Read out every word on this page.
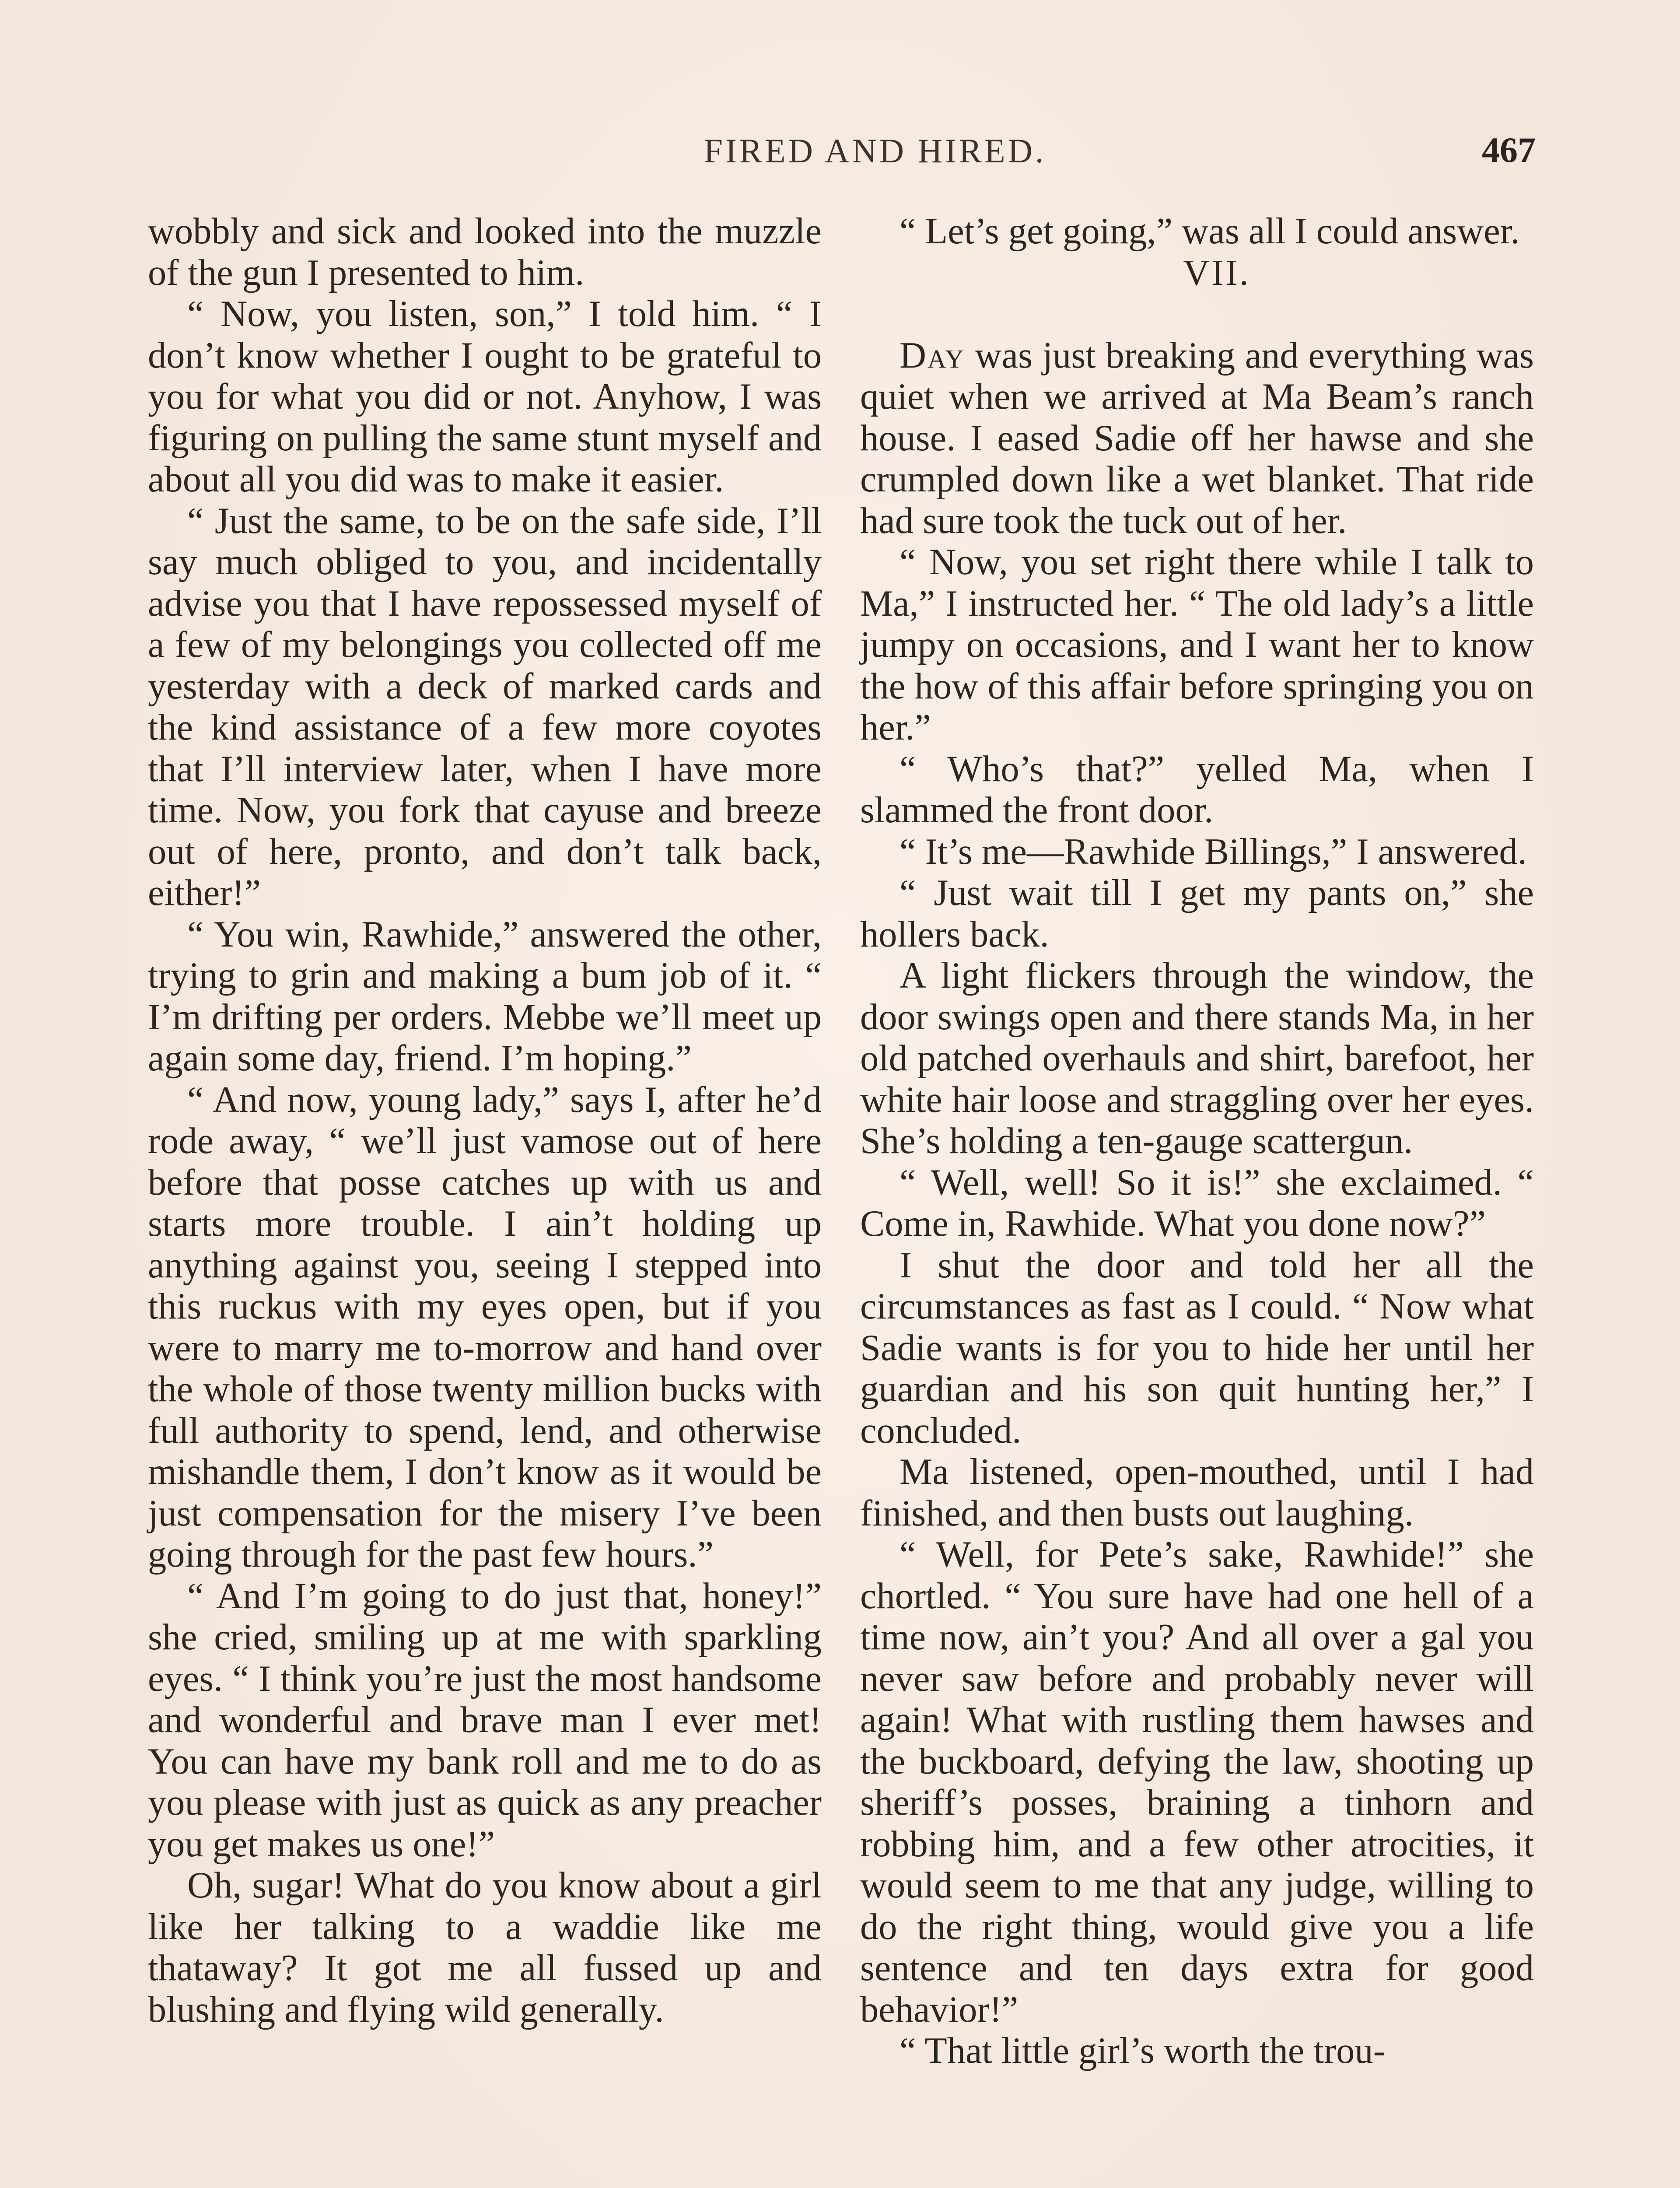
FIRED AND HIRED.	467

wobbly and sick and looked into the muzzle of the gun I presented to him.

“ Now, you listen, son,” I told him. “ I don’t know whether I ought to be grateful to you for what you did or not. Anyhow, I was figuring on pulling the same stunt myself and about all you did was to make it easier.

“ Just the same, to be on the safe side, I’ll say much obliged to you, and incidentally advise you that I have repossessed myself of a few of my belongings you collected off me yesterday with a deck of marked cards and the kind assistance of a few more coyotes that I’ll interview later, when I have more time. Now, you fork that cayuse and breeze out of here, pronto, and don’t talk back, either!”

“ You win, Rawhide,” answered the other, trying to grin and making a bum job of it. “ I’m drifting per orders. Mebbe we’ll meet up again some day, friend. I’m hoping.”

“ And now, young lady,” says I, after he’d rode away, “ we’ll just vamose out of here before that posse catches up with us and starts more trouble. I ain’t holding up anything against you, seeing I stepped into this ruckus with my eyes open, but if you were to marry me to-morrow and hand over the whole of those twenty million bucks with full authority to spend, lend, and otherwise mishandle them, I don’t know as it would be just compensation for the misery I’ve been going through for the past few hours.”

“ And I’m going to do just that, honey!” she cried, smiling up at me with sparkling eyes. “ I think you’re just the most handsome and wonderful and brave man I ever met! You can have my bank roll and me to do as you please with just as quick as any preacher you get makes us one!”

Oh, sugar! What do you know about a girl like her talking to a waddie like me thataway? It got me all fussed up and blushing and flying wild generally.

“ Let’s get going,” was all I could answer.

VII.

Day was just breaking and everything was quiet when we arrived at Ma Beam’s ranch house. I eased Sadie off her hawse and she crumpled down like a wet blanket. That ride had sure took the tuck out of her.

“ Now, you set right there while I talk to Ma,” I instructed her. “ The old lady’s a little jumpy on occasions, and I want her to know the how of this affair before springing you on her.”

“ Who’s that?” yelled Ma, when I slammed the front door.

“ It’s me—Rawhide Billings,” I answered.

“ Just wait till I get my pants on,” she hollers back.

A light flickers through the window, the door swings open and there stands Ma, in her old patched overhauls and shirt, barefoot, her white hair loose and straggling over her eyes. She’s holding a ten-gauge scattergun.

“ Well, well! So it is!” she exclaimed. “ Come in, Rawhide. What you done now?”

I shut the door and told her all the circumstances as fast as I could. “ Now what Sadie wants is for you to hide her until her guardian and his son quit hunting her,” I concluded.

Ma listened, open-mouthed, until I had finished, and then busts out laughing.

“ Well, for Pete’s sake, Rawhide!” she chortled. “ You sure have had one hell of a time now, ain’t you? And all over a gal you never saw before and probably never will again! What with rustling them hawses and the buckboard, defying the law, shooting up sheriff’s posses, braining a tinhorn and robbing him, and a few other atrocities, it would seem to me that any judge, willing to do the right thing, would give you a life sentence and ten days extra for good behavior!”

“ That little girl’s worth the trou-
